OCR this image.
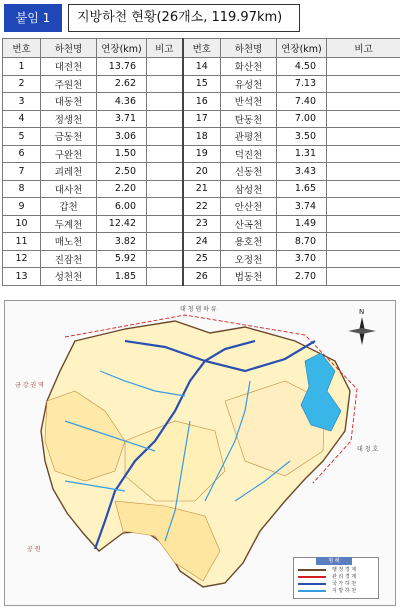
붙임 1	지방하천 현황(26개소, 119.97km)
번호	하천명	연장(km)	비고	번호	하천명	연장(km)	비고
1	대전천	13.76		14	화산천	4.50	
2	주원천	2.62		15	유성천	7.13	
3	대동천	4.36		16	반석천	7.40	
4	정생천	3.71		17	탄동천	7.00	
5	금동천	3.06		18	관평천	3.50	
6	구완천	1.50		19	덕진천	1.31	
7	괴레천	2.50		20	신동천	3.43	
8	대사천	2.20		21	삼성천	1.65	
9	갑천	6.00		22	안산천	3.74	
10	두계천	12.42		23	산곡천	1.49	
11	매노천	3.82		24	용호천	8.70	
12	진잠천	5.92		25	오정천	3.70	
13	성천천	1.85		26	법동천	2.70	
N
대 청 댐 하 류
금 강 권 역
공 원
대 청 호
범 례
행 정 경 계
관 리 경 계
국 가 하 천
지 방 하 천
